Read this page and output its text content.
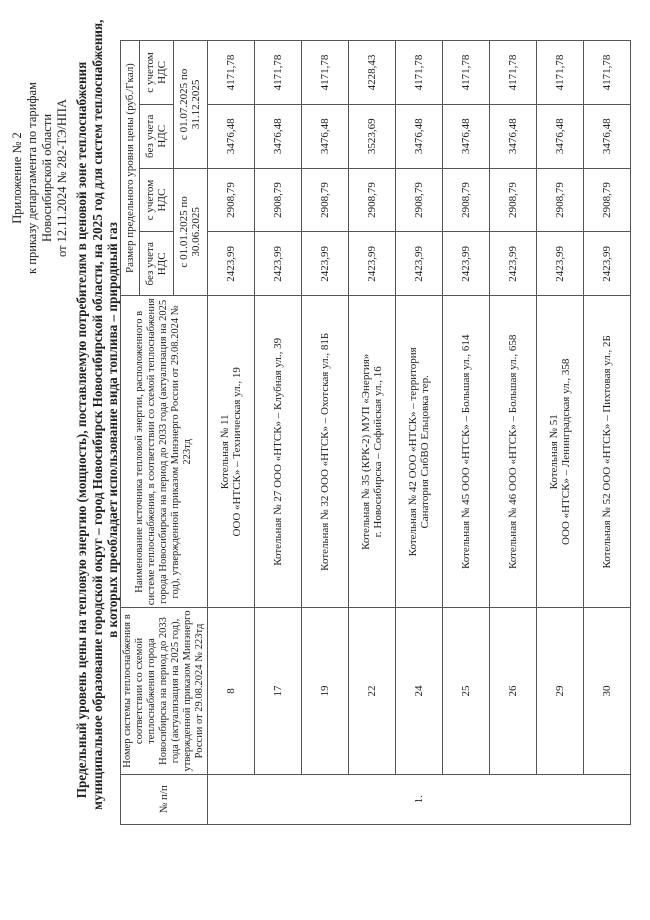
Приложение № 2 к приказу департамента по тарифам Новосибирской области от 12.11.2024 № 282-ТЭ/НПА Предельный уровень цены на тепловую энергию (мощность), поставляемую потребителям в ценовой зоне теплоснабжения муниципальное образование городской округ – город Новосибирск Новосибирской области, на 2025 год для систем теплоснабжения, в которых преобладает использование вида топлива – природный газ
№ п/п	Номер системы теплоснабжения в соответствии со схемой теплоснабжения города Новосибирска на период до 2033 года (актуализация на 2025 год), утвержденной приказом Минэнерго России от 29.08.2024 № 223тд	Наименование источника тепловой энергии, расположенного в системе теплоснабжения, в соответствии со схемой теплоснабжения города Новосибирска на период до 2033 года (актуализация на 2025 год), утвержденной приказом Минэнерго России от 29.08.2024 № 223тд	Размер предельного уровня цены (руб./Гкал)			
			без учета НДС	с учетом НДС	без учета НДС	с учетом НДС
			с 01.01.2025 по 30.06.2025		с 01.07.2025 по 31.12.2025	
1.	8	Котельная № 11
ООО «НТСК» – Техническая ул., 19	2423,99	2908,79	3476,48	4171,78
	17	Котельная № 27 ООО «НТСК» – Клубная ул., 39	2423,99	2908,79	3476,48	4171,78
	19	Котельная № 32 ООО «НТСК» – Охотская ул., 81Б	2423,99	2908,79	3476,48	4171,78
	22	Котельная № 35 (КРК-2) МУП «Энергия»
г. Новосибирска – Софийская ул., 16	2423,99	2908,79	3523,69	4228,43
	24	Котельная № 42 ООО «НТСК» – территория
Санатория СибВО Ельцовка тер.	2423,99	2908,79	3476,48	4171,78
	25	Котельная № 45 ООО «НТСК» – Большая ул., 614	2423,99	2908,79	3476,48	4171,78
	26	Котельная № 46 ООО «НТСК» – Большая ул., 658	2423,99	2908,79	3476,48	4171,78
	29	Котельная № 51
ООО «НТСК» – Ленинградская ул., 358	2423,99	2908,79	3476,48	4171,78
	30	Котельная № 52 ООО «НТСК» – Пихтовая ул., 2Б	2423,99	2908,79	3476,48	4171,78
